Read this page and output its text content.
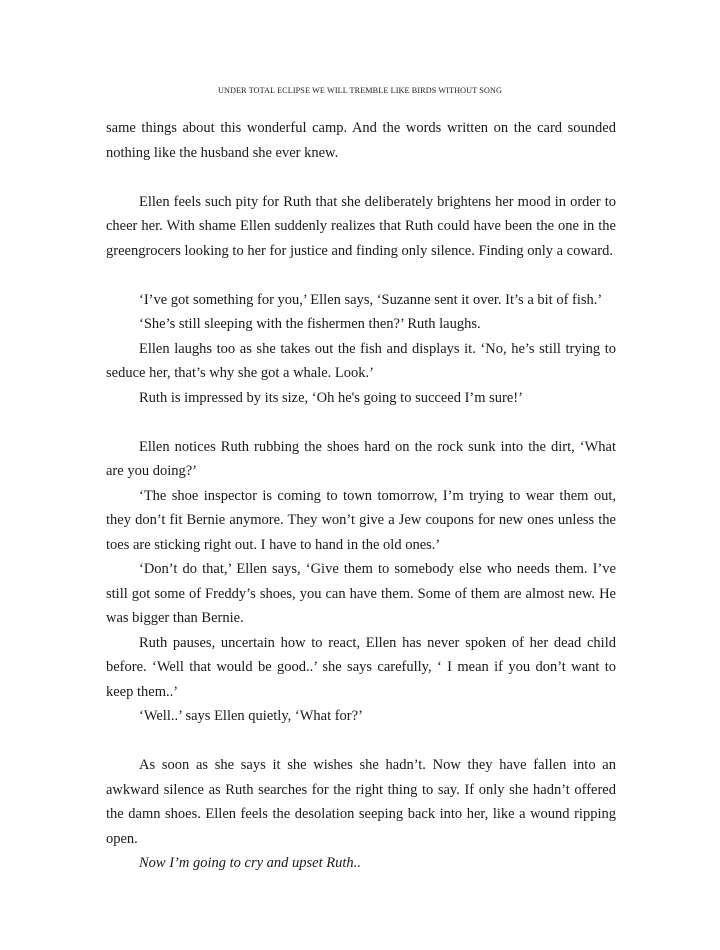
UNDER TOTAL ECLIPSE WE WILL TREMBLE LIKE BIRDS WITHOUT SONG

same things about this wonderful camp. And the words written on the card sounded nothing like the husband she ever knew.

Ellen feels such pity for Ruth that she deliberately brightens her mood in order to cheer her. With shame Ellen suddenly realizes that Ruth could have been the one in the greengrocers looking to her for justice and finding only silence. Finding only a coward.

‘I’ve got something for you,’ Ellen says, ‘Suzanne sent it over. It’s a bit of fish.’

‘She’s still sleeping with the fishermen then?’ Ruth laughs.

Ellen laughs too as she takes out the fish and displays it. ‘No, he’s still trying to seduce her, that’s why she got a whale. Look.’

Ruth is impressed by its size, ‘Oh he's going to succeed I’m sure!’

Ellen notices Ruth rubbing the shoes hard on the rock sunk into the dirt, ‘What are you doing?’

‘The shoe inspector is coming to town tomorrow, I’m trying to wear them out, they don’t fit Bernie anymore. They won’t give a Jew coupons for new ones unless the toes are sticking right out. I have to hand in the old ones.’

‘Don’t do that,’ Ellen says, ‘Give them to somebody else who needs them. I’ve still got some of Freddy’s shoes, you can have them. Some of them are almost new. He was bigger than Bernie.

Ruth pauses, uncertain how to react, Ellen has never spoken of her dead child before. ‘Well that would be good..’ she says carefully, ‘ I mean if you don’t want to keep them..’

‘Well..’ says Ellen quietly, ‘What for?’

As soon as she says it she wishes she hadn’t. Now they have fallen into an awkward silence as Ruth searches for the right thing to say. If only she hadn’t offered the damn shoes. Ellen feels the desolation seeping back into her, like a wound ripping open.

Now I’m going to cry and upset Ruth..
